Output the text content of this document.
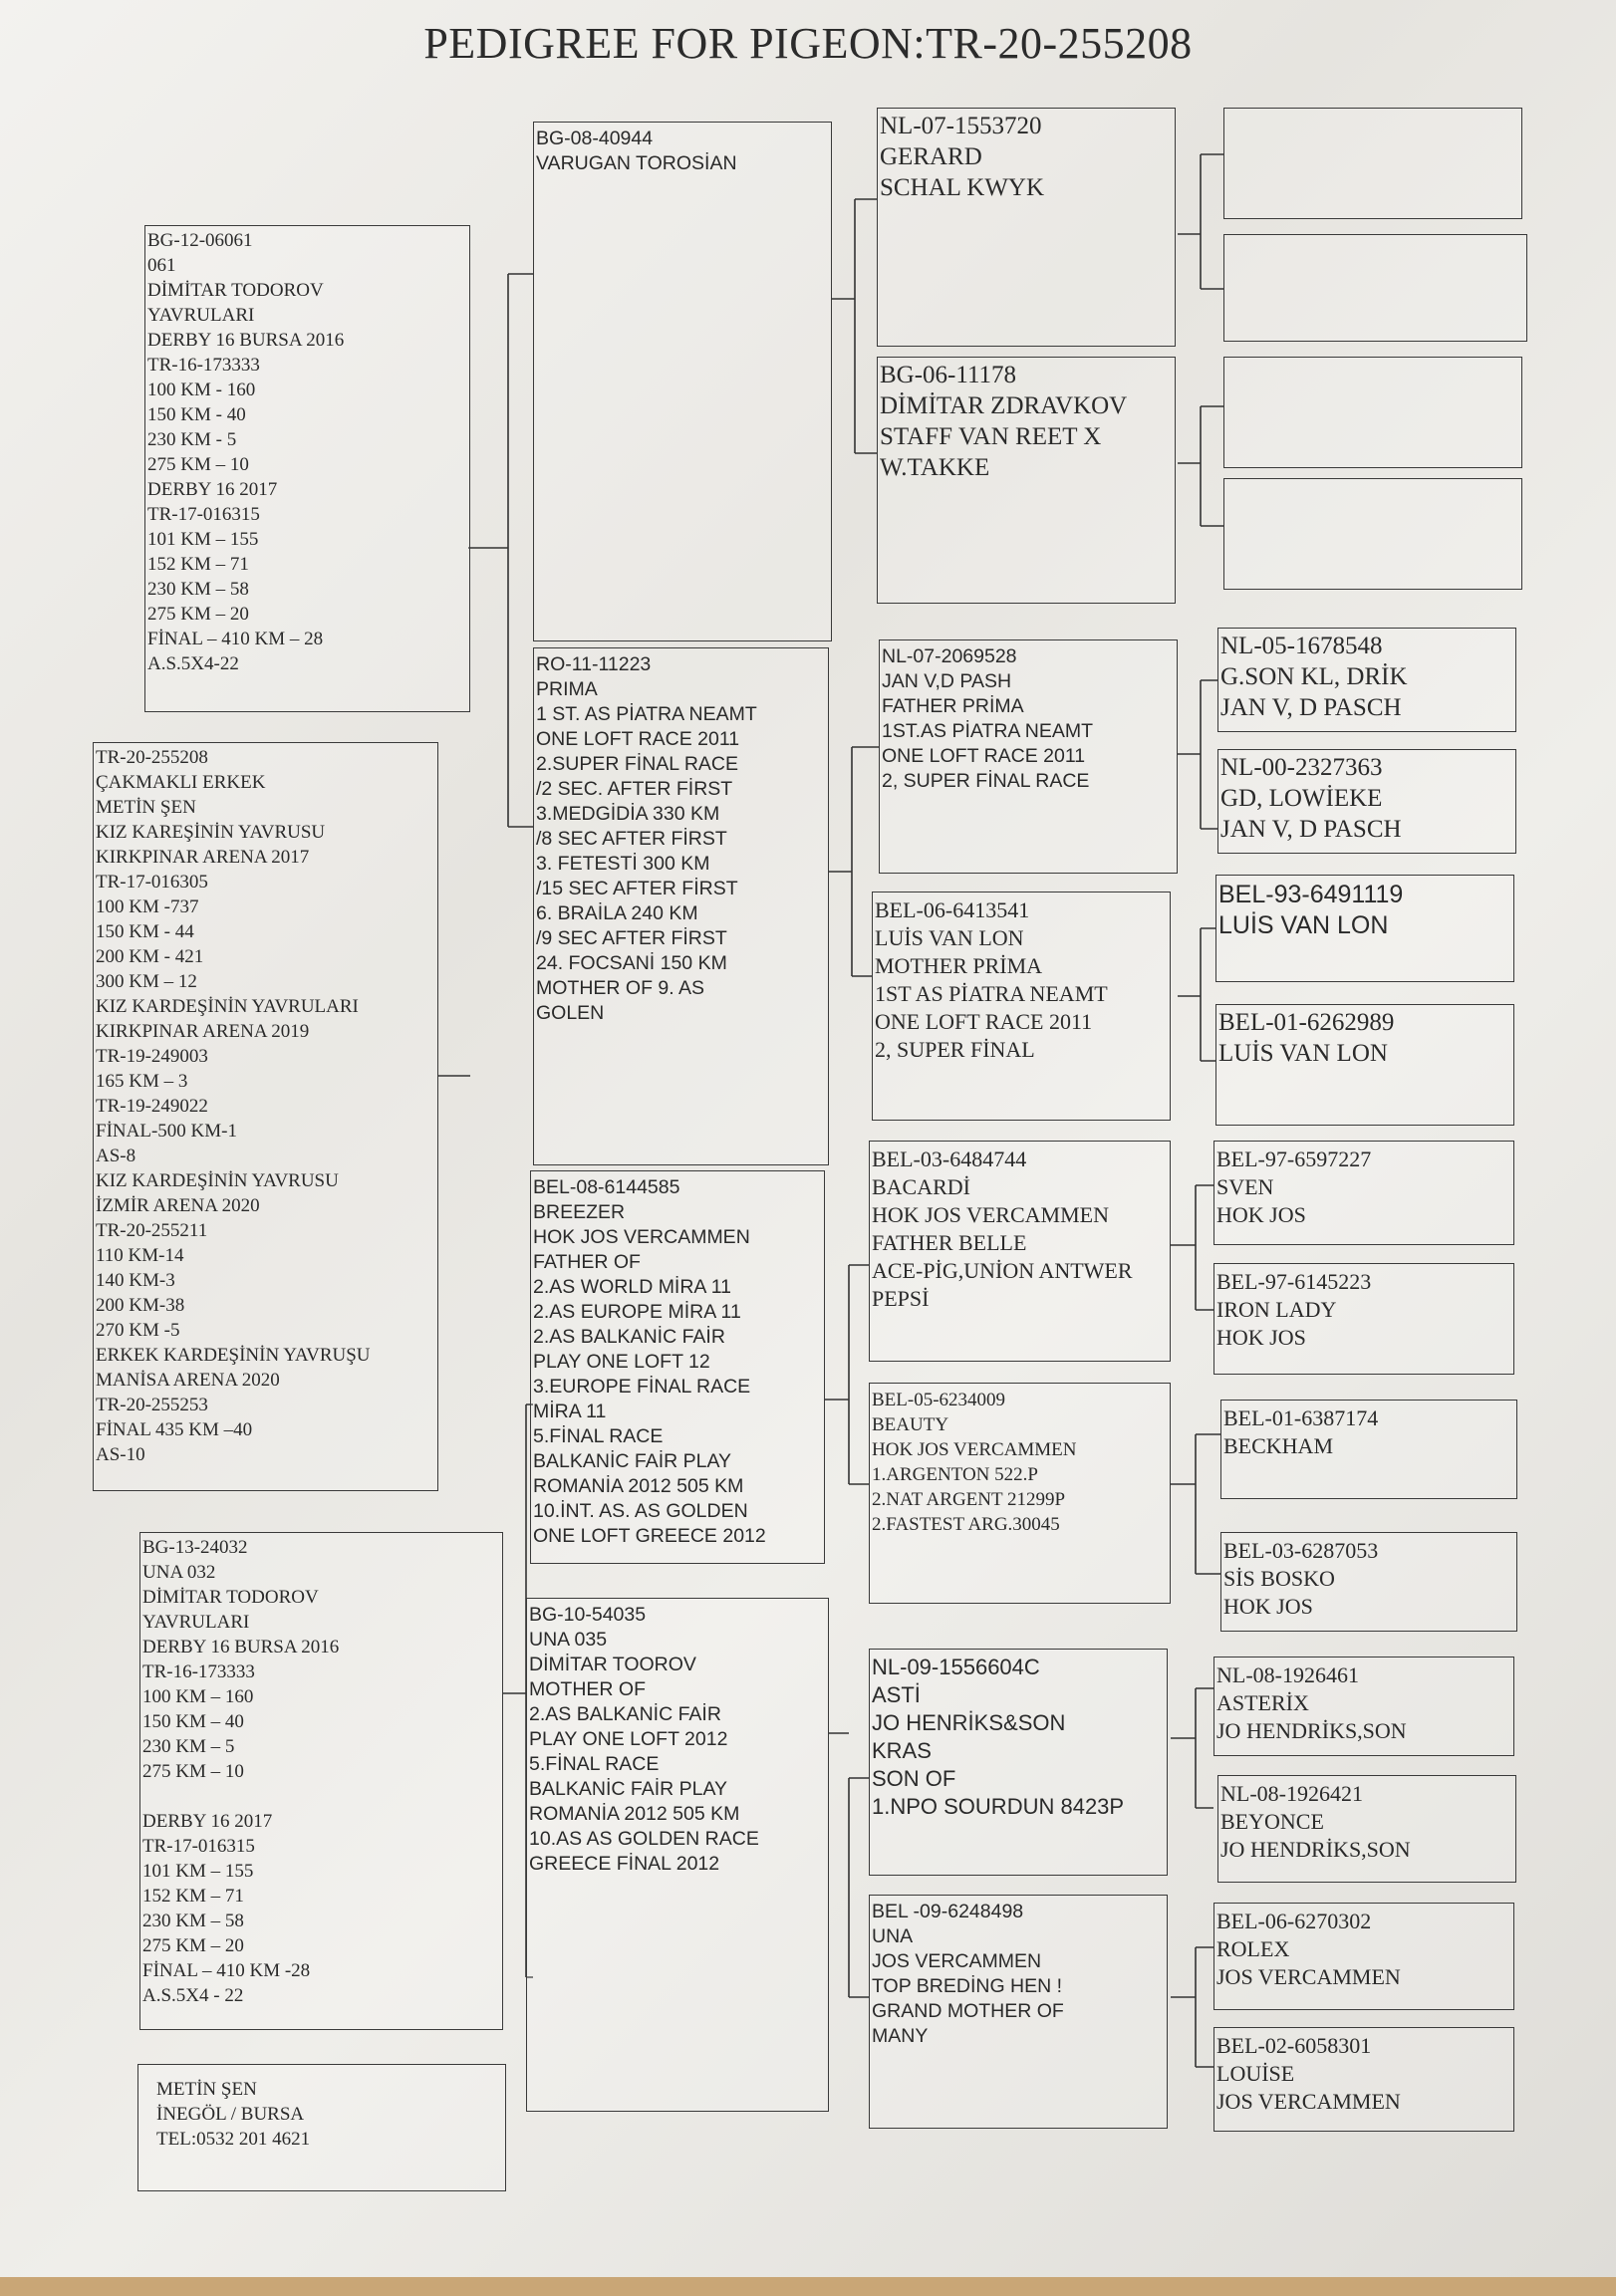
PEDIGREE FOR PIGEON:TR-20-255208
BG-12-06061
061
DİMİTAR TODOROV
YAVRULARI
DERBY 16 BURSA 2016
TR-16-173333
100 KM - 160
150 KM - 40
230 KM - 5
275 KM – 10
DERBY 16 2017
TR-17-016315
101 KM – 155
152 KM – 71
230 KM – 58
275 KM – 20
FİNAL – 410 KM – 28
A.S.5X4-22
TR-20-255208
ÇAKMAKLI ERKEK
METİN ŞEN
KIZ KAREŞİNİN YAVRUSU
KIRKPINAR ARENA 2017
TR-17-016305
100 KM -737
150 KM - 44
200 KM - 421
300 KM – 12
KIZ KARDEŞİNİN YAVRULARI
KIRKPINAR ARENA 2019
TR-19-249003
165 KM – 3
TR-19-249022
FİNAL-500 KM-1
AS-8
KIZ KARDEŞİNİN YAVRUSU
İZMİR ARENA 2020
TR-20-255211
110 KM-14
140 KM-3
200 KM-38
270 KM -5
ERKEK KARDEŞİNİN YAVRUŞU
MANİSA ARENA 2020
TR-20-255253
FİNAL 435 KM –40
AS-10
BG-13-24032
UNA 032
DİMİTAR TODOROV
YAVRULARI
DERBY 16 BURSA 2016
TR-16-173333
100 KM – 160
150 KM – 40
230 KM – 5
275 KM – 10

DERBY 16 2017
TR-17-016315
101 KM – 155
152 KM – 71
230 KM – 58
275 KM – 20
FİNAL – 410 KM -28
A.S.5X4 - 22
METİN ŞEN
İNEGÖL / BURSA
TEL:0532 201 4621
BG-08-40944
VARUGAN TOROSİAN
RO-11-11223
PRIMA
1 ST. AS PİATRA NEAMT
ONE LOFT RACE 2011
2.SUPER FİNAL RACE
/2 SEC. AFTER FİRST
3.MEDGİDİA 330 KM
/8 SEC AFTER FİRST
3. FETESTİ 300 KM
/15 SEC AFTER FİRST
6. BRAİLA 240 KM
/9 SEC AFTER FİRST
24. FOCSANİ 150 KM
MOTHER OF 9. AS
GOLEN
BEL-08-6144585
BREEZER
HOK JOS VERCAMMEN
FATHER OF
2.AS WORLD MİRA 11
2.AS EUROPE MİRA 11
2.AS BALKANİC FAİR
PLAY ONE LOFT 12
3.EUROPE FİNAL RACE
MİRA 11
5.FİNAL RACE
BALKANİC FAİR PLAY
ROMANİA 2012 505 KM
10.İNT. AS. AS GOLDEN
ONE LOFT GREECE 2012
BG-10-54035
UNA 035
DİMİTAR TOOROV
MOTHER OF
2.AS BALKANİC FAİR
PLAY ONE LOFT 2012
5.FİNAL RACE
BALKANİC FAİR PLAY
ROMANİA 2012 505 KM
10.AS AS GOLDEN RACE
GREECE FİNAL 2012
NL-07-1553720
GERARD
SCHAL KWYK
BG-06-11178
DİMİTAR ZDRAVKOV
STAFF VAN REET X
W.TAKKE
NL-07-2069528
JAN V,D PASH
FATHER PRİMA
1ST.AS PİATRA NEAMT
ONE LOFT RACE 2011
2, SUPER FİNAL RACE
BEL-06-6413541
LUİS VAN LON
MOTHER PRİMA
1ST AS PİATRA NEAMT
ONE LOFT RACE 2011
2, SUPER FİNAL
BEL-03-6484744
BACARDİ
HOK JOS VERCAMMEN
FATHER BELLE
ACE-PİG,UNİON ANTWER
PEPSİ
BEL-05-6234009
BEAUTY
HOK JOS VERCAMMEN
1.ARGENTON 522.P
2.NAT ARGENT 21299P
2.FASTEST ARG.30045
NL-09-1556604C
ASTİ
JO HENRİKS&SON
KRAS
SON OF
1.NPO SOURDUN 8423P
BEL -09-6248498
UNA
JOS VERCAMMEN
TOP BREDİNG HEN !
GRAND MOTHER OF
MANY
NL-05-1678548
G.SON KL, DRİK
JAN V, D PASCH
NL-00-2327363
GD, LOWİEKE
JAN V, D PASCH
BEL-93-6491119
LUİS VAN LON
BEL-01-6262989
LUİS VAN LON
BEL-97-6597227
SVEN
HOK JOS
BEL-97-6145223
IRON LADY
HOK JOS
BEL-01-6387174
BECKHAM
BEL-03-6287053
SİS BOSKO
HOK JOS
NL-08-1926461
ASTERİX
JO HENDRİKS,SON
NL-08-1926421
BEYONCE
JO HENDRİKS,SON
BEL-06-6270302
ROLEX
JOS VERCAMMEN
BEL-02-6058301
LOUİSE
JOS VERCAMMEN
